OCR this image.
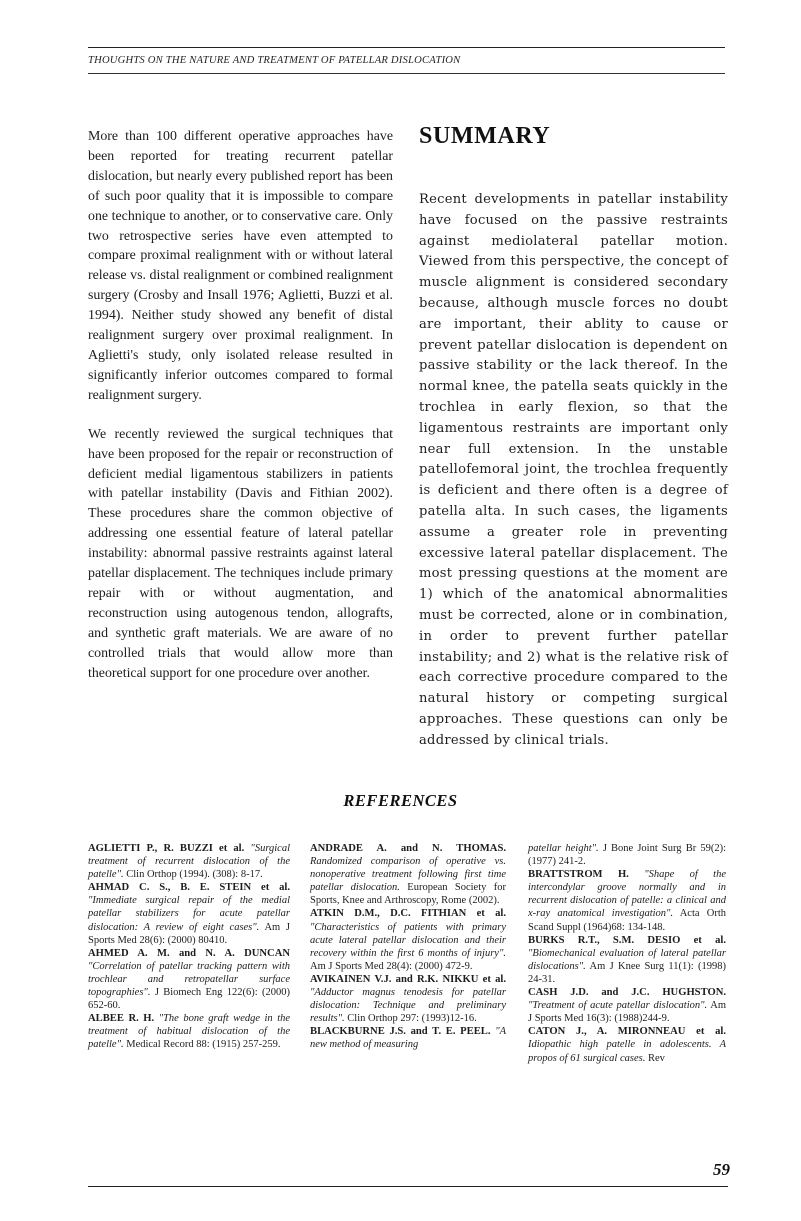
THOUGHTS ON THE NATURE AND TREATMENT OF PATELLAR DISLOCATION

More than 100 different operative approaches have been reported for treating recurrent patellar dislocation, but nearly every published report has been of such poor quality that it is impossible to compare one technique to another, or to conservative care. Only two retrospective series have even attempted to compare proximal realignment with or without lateral release vs. distal realignment or combined realignment surgery (Crosby and Insall 1976; Aglietti, Buzzi et al. 1994). Neither study showed any benefit of distal realignment surgery over proximal realignment. In Aglietti's study, only isolated release resulted in significantly inferior outcomes compared to formal realignment surgery.

We recently reviewed the surgical techniques that have been proposed for the repair or reconstruction of deficient medial ligamentous stabilizers in patients with patellar instability (Davis and Fithian 2002). These procedures share the common objective of addressing one essential feature of lateral patellar instability: abnormal passive restraints against lateral patellar displacement. The techniques include primary repair with or without augmentation, and reconstruction using autogenous tendon, allografts, and synthetic graft materials. We are aware of no controlled trials that would allow more than theoretical support for one procedure over another.

SUMMARY

Recent developments in patellar instability have focused on the passive restraints against mediolateral patellar motion. Viewed from this perspective, the concept of muscle alignment is considered secondary because, although muscle forces no doubt are important, their ablity to cause or prevent patellar dislocation is dependent on passive stability or the lack thereof. In the normal knee, the patella seats quickly in the trochlea in early flexion, so that the ligamentous restraints are important only near full extension. In the unstable patellofemoral joint, the trochlea frequently is deficient and there often is a degree of patella alta. In such cases, the ligaments assume a greater role in preventing excessive lateral patellar displacement. The most pressing questions at the moment are 1) which of the anatomical abnormalities must be corrected, alone or in combination, in order to prevent further patellar instability; and 2) what is the relative risk of each corrective procedure compared to the natural history or competing surgical approaches. These questions can only be addressed by clinical trials.

REFERENCES

AGLIETTI P., R. BUZZI et al. "Surgical treatment of recurrent dislocation of the patelle". Clin Orthop (1994). (308): 8-17.

AHMAD C. S., B. E. STEIN et al. "Immediate surgical repair of the medial patellar stabilizers for acute patellar dislocation: A review of eight cases". Am J Sports Med 28(6): (2000) 80410.

AHMED A. M. and N. A. DUNCAN "Correlation of patellar tracking pattern with trochlear and retropatellar surface topographies". J Biomech Eng 122(6): (2000) 652-60.

ALBEE R. H. "The bone graft wedge in the treatment of habitual dislocation of the patelle". Medical Record 88: (1915) 257-259.

ANDRADE A. and N. THOMAS. Randomized comparison of operative vs. nonoperative treatment following first time patellar dislocation. European Society for Sports, Knee and Arthroscopy, Rome (2002).

ATKIN D.M., D.C. FITHIAN et al. "Characteristics of patients with primary acute lateral patellar dislocation and their recovery within the first 6 months of injury". Am J Sports Med 28(4): (2000) 472-9.

AVIKAINEN V.J. and R.K. NIKKU et al. "Adductor magnus tenodesis for patellar dislocation: Technique and preliminary results". Clin Orthop 297: (1993)12-16.

BLACKBURNE J.S. and T. E. PEEL. "A new method of measuring

patellar height". J Bone Joint Surg Br 59(2): (1977) 241-2.

BRATTSTROM H. "Shape of the intercondylar groove normally and in recurrent dislocation of patelle: a clinical and x-ray anatomical investigation". Acta Orth Scand Suppl (1964)68: 134-148.

BURKS R.T., S.M. DESIO et al. "Biomechanical evaluation of lateral patellar dislocations". Am J Knee Surg 11(1): (1998) 24-31.

CASH J.D. and J.C. HUGHSTON. "Treatment of acute patellar dislocation". Am J Sports Med 16(3): (1988)244-9.

CATON J., A. MIRONNEAU et al. Idiopathic high patelle in adolescents. A propos of 61 surgical cases. Rev

59
